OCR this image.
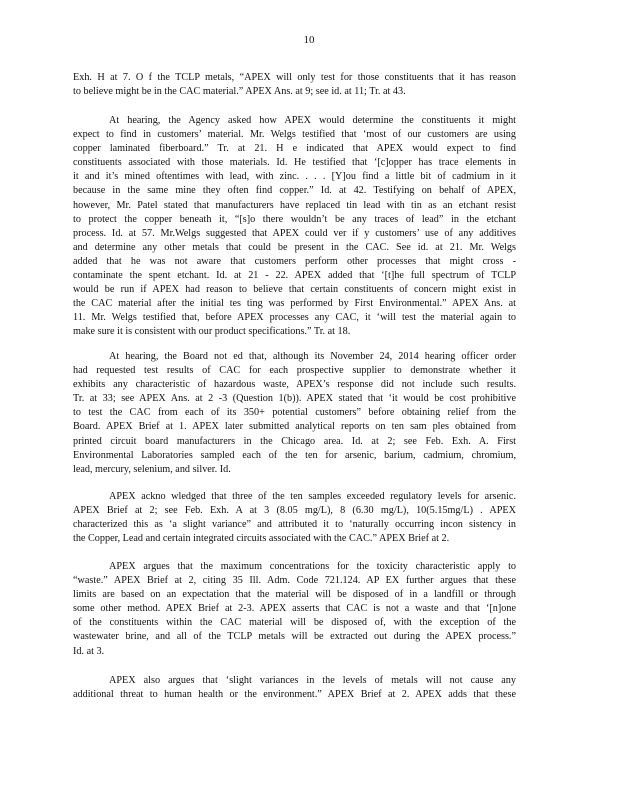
10
Exh. H at 7. O f the TCLP metals, “APEX will only test for those constituents that it has reason
to believe might be in the CAC material.” APEX Ans. at 9; see id. at 11; Tr. at 43.
At hearing, the Agency asked how APEX would determine the constituents it might
expect to find in customers’ material. Mr. Welgs testified that ‘most of our customers are using
copper laminated fiberboard.” Tr. at 21. H e indicated that APEX would expect to find
constituents associated with those materials. Id. He testified that ‘[c]opper has trace elements in
it and it’s mined oftentimes with lead, with zinc. . . . [Y]ou find a little bit of cadmium in it
because in the same mine they often find copper.” Id. at 42. Testifying on behalf of APEX,
however, Mr. Patel stated that manufacturers have replaced tin lead with tin as an etchant resist
to protect the copper beneath it, “[s]o there wouldn’t be any traces of lead” in the etchant
process. Id. at 57. Mr.Welgs suggested that APEX could ver if y customers’ use of any additives
and determine any other metals that could be present in the CAC. See id. at 21. Mr. Welgs
added that he was not aware that customers perform other processes that might cross -
contaminate the spent etchant. Id. at 21 - 22. APEX added that ‘[t]he full spectrum of TCLP
would be run if APEX had reason to believe that certain constituents of concern might exist in
the CAC material after the initial tes ting was performed by First Environmental.” APEX Ans. at
11. Mr. Welgs testified that, before APEX processes any CAC, it ‘will test the material again to
make sure it is consistent with our product specifications.” Tr. at 18.
At hearing, the Board not ed that, although its November 24, 2014 hearing officer order
had requested test results of CAC for each prospective supplier to demonstrate whether it
exhibits any characteristic of hazardous waste, APEX’s response did not include such results.
Tr. at 33; see APEX Ans. at 2 -3 (Question 1(b)). APEX stated that ‘it would be cost prohibitive
to test the CAC from each of its 350+ potential customers” before obtaining relief from the
Board. APEX Brief at 1. APEX later submitted analytical reports on ten sam ples obtained from
printed circuit board manufacturers in the Chicago area. Id. at 2; see Feb. Exh. A. First
Environmental Laboratories sampled each of the ten for arsenic, barium, cadmium, chromium,
lead, mercury, selenium, and silver. Id.
APEX ackno wledged that three of the ten samples exceeded regulatory levels for arsenic.
APEX Brief at 2; see Feb. Exh. A at 3 (8.05 mg/L), 8 (6.30 mg/L), 10(5.15mg/L) . APEX
characterized this as ‘a slight variance” and attributed it to ‘naturally occurring incon sistency in
the Copper, Lead and certain integrated circuits associated with the CAC.” APEX Brief at 2.
APEX argues that the maximum concentrations for the toxicity characteristic apply to
“waste.” APEX Brief at 2, citing 35 Ill. Adm. Code 721.124. AP EX further argues that these
limits are based on an expectation that the material will be disposed of in a landfill or through
some other method. APEX Brief at 2-3. APEX asserts that CAC is not a waste and that ‘[n]one
of the constituents within the CAC material will be disposed of, with the exception of the
wastewater brine, and all of the TCLP metals will be extracted out during the APEX process.”
Id. at 3.
APEX also argues that ‘slight variances in the levels of metals will not cause any
additional threat to human health or the environment.” APEX Brief at 2. APEX adds that these
